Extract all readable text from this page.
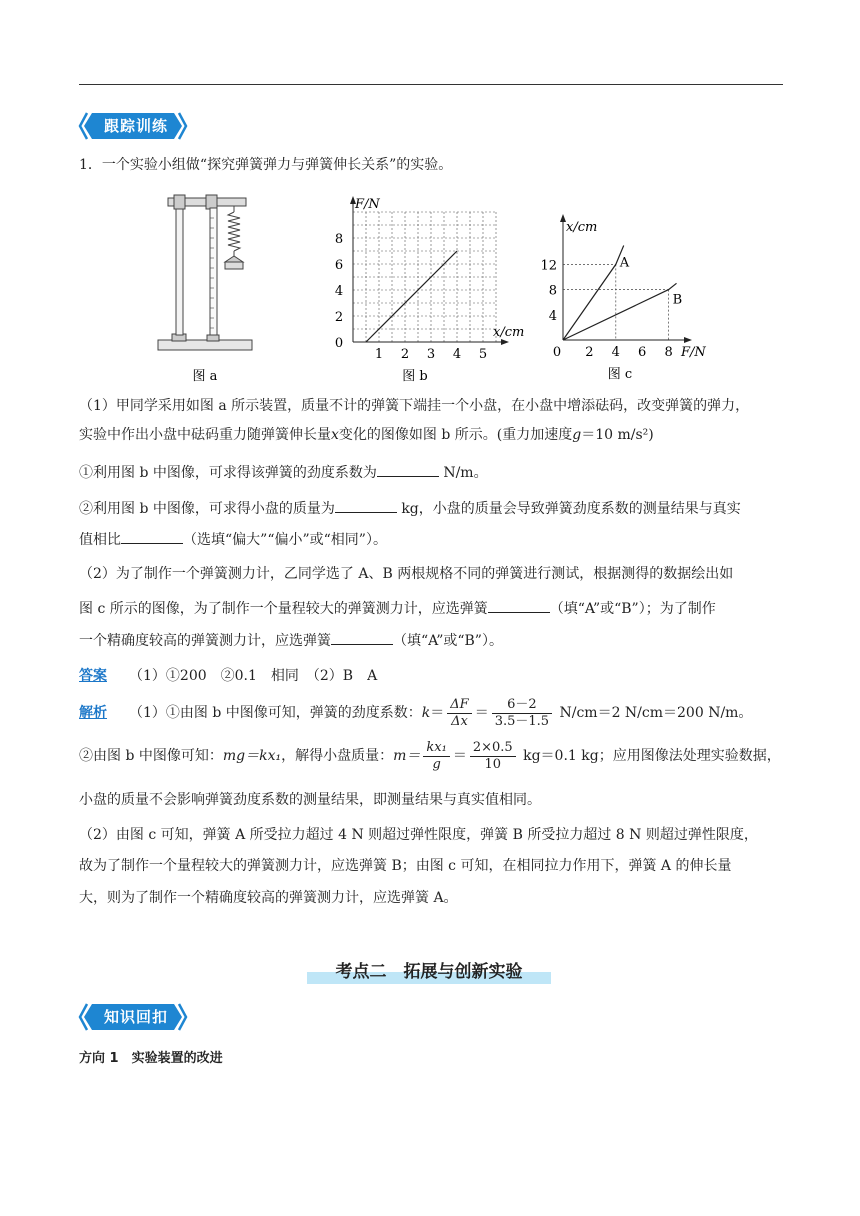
跟踪训练
1．一个实验小组做“探究弹簧弹力与弹簧伸长关系”的实验。
图 a
F/N
x/cm
8
6
4
2
0
1 2 3 4 5
图 b
x/cm
F/N
12
8
4
0 2 4 6 8
A
B
图 c
（1）甲同学采用如图 a 所示装置，质量不计的弹簧下端挂一个小盘，在小盘中增添砝码，改变弹簧的弹力，
实验中作出小盘中砝码重力随弹簧伸长量x变化的图像如图 b 所示。(重力加速度g＝10 m/s²)
①利用图 b 中图像，可求得该弹簧的劲度系数为	N/m。
②利用图 b 中图像，可求得小盘的质量为	kg，小盘的质量会导致弹簧劲度系数的测量结果与真实
值相比	（选填“偏大”“偏小”或“相同”）。
（2）为了制作一个弹簧测力计，乙同学选了 A、B 两根规格不同的弹簧进行测试，根据测得的数据绘出如
图 c 所示的图像，为了制作一个量程较大的弹簧测力计，应选弹簧	（填“A”或“B”）；为了制作
一个精确度较高的弹簧测力计，应选弹簧	（填“A”或“B”）。
答案 （1）①200　②0.1　相同　（2）B　A
解析 （1）①由图 b 中图像可知，弹簧的劲度系数：$k= \frac{\Delta F}{\Delta x} = \frac{6-2}{3.5-1.5} N/cm=2$ N/cm＝200 N/m。
②由图 b 中图像可知：mg＝kx₁，解得小盘质量：$m= \frac{\text{kx₁}}{g} = \frac{2\times 0.5}{10} kg=0.1$ kg；应用图像法处理实验数据，
小盘的质量不会影响弹簧劲度系数的测量结果，即测量结果与真实值相同。
（2）由图 c 可知，弹簧 A 所受拉力超过 4 N 则超过弹性限度，弹簧 B 所受拉力超过 8 N 则超过弹性限度，
故为了制作一个量程较大的弹簧测力计，应选弹簧 B；由图 c 可知，在相同拉力作用下，弹簧 A 的伸长量
大，则为了制作一个精确度较高的弹簧测力计，应选弹簧 A。
考点二　拓展与创新实验
知识回扣
方向 1　实验装置的改进
